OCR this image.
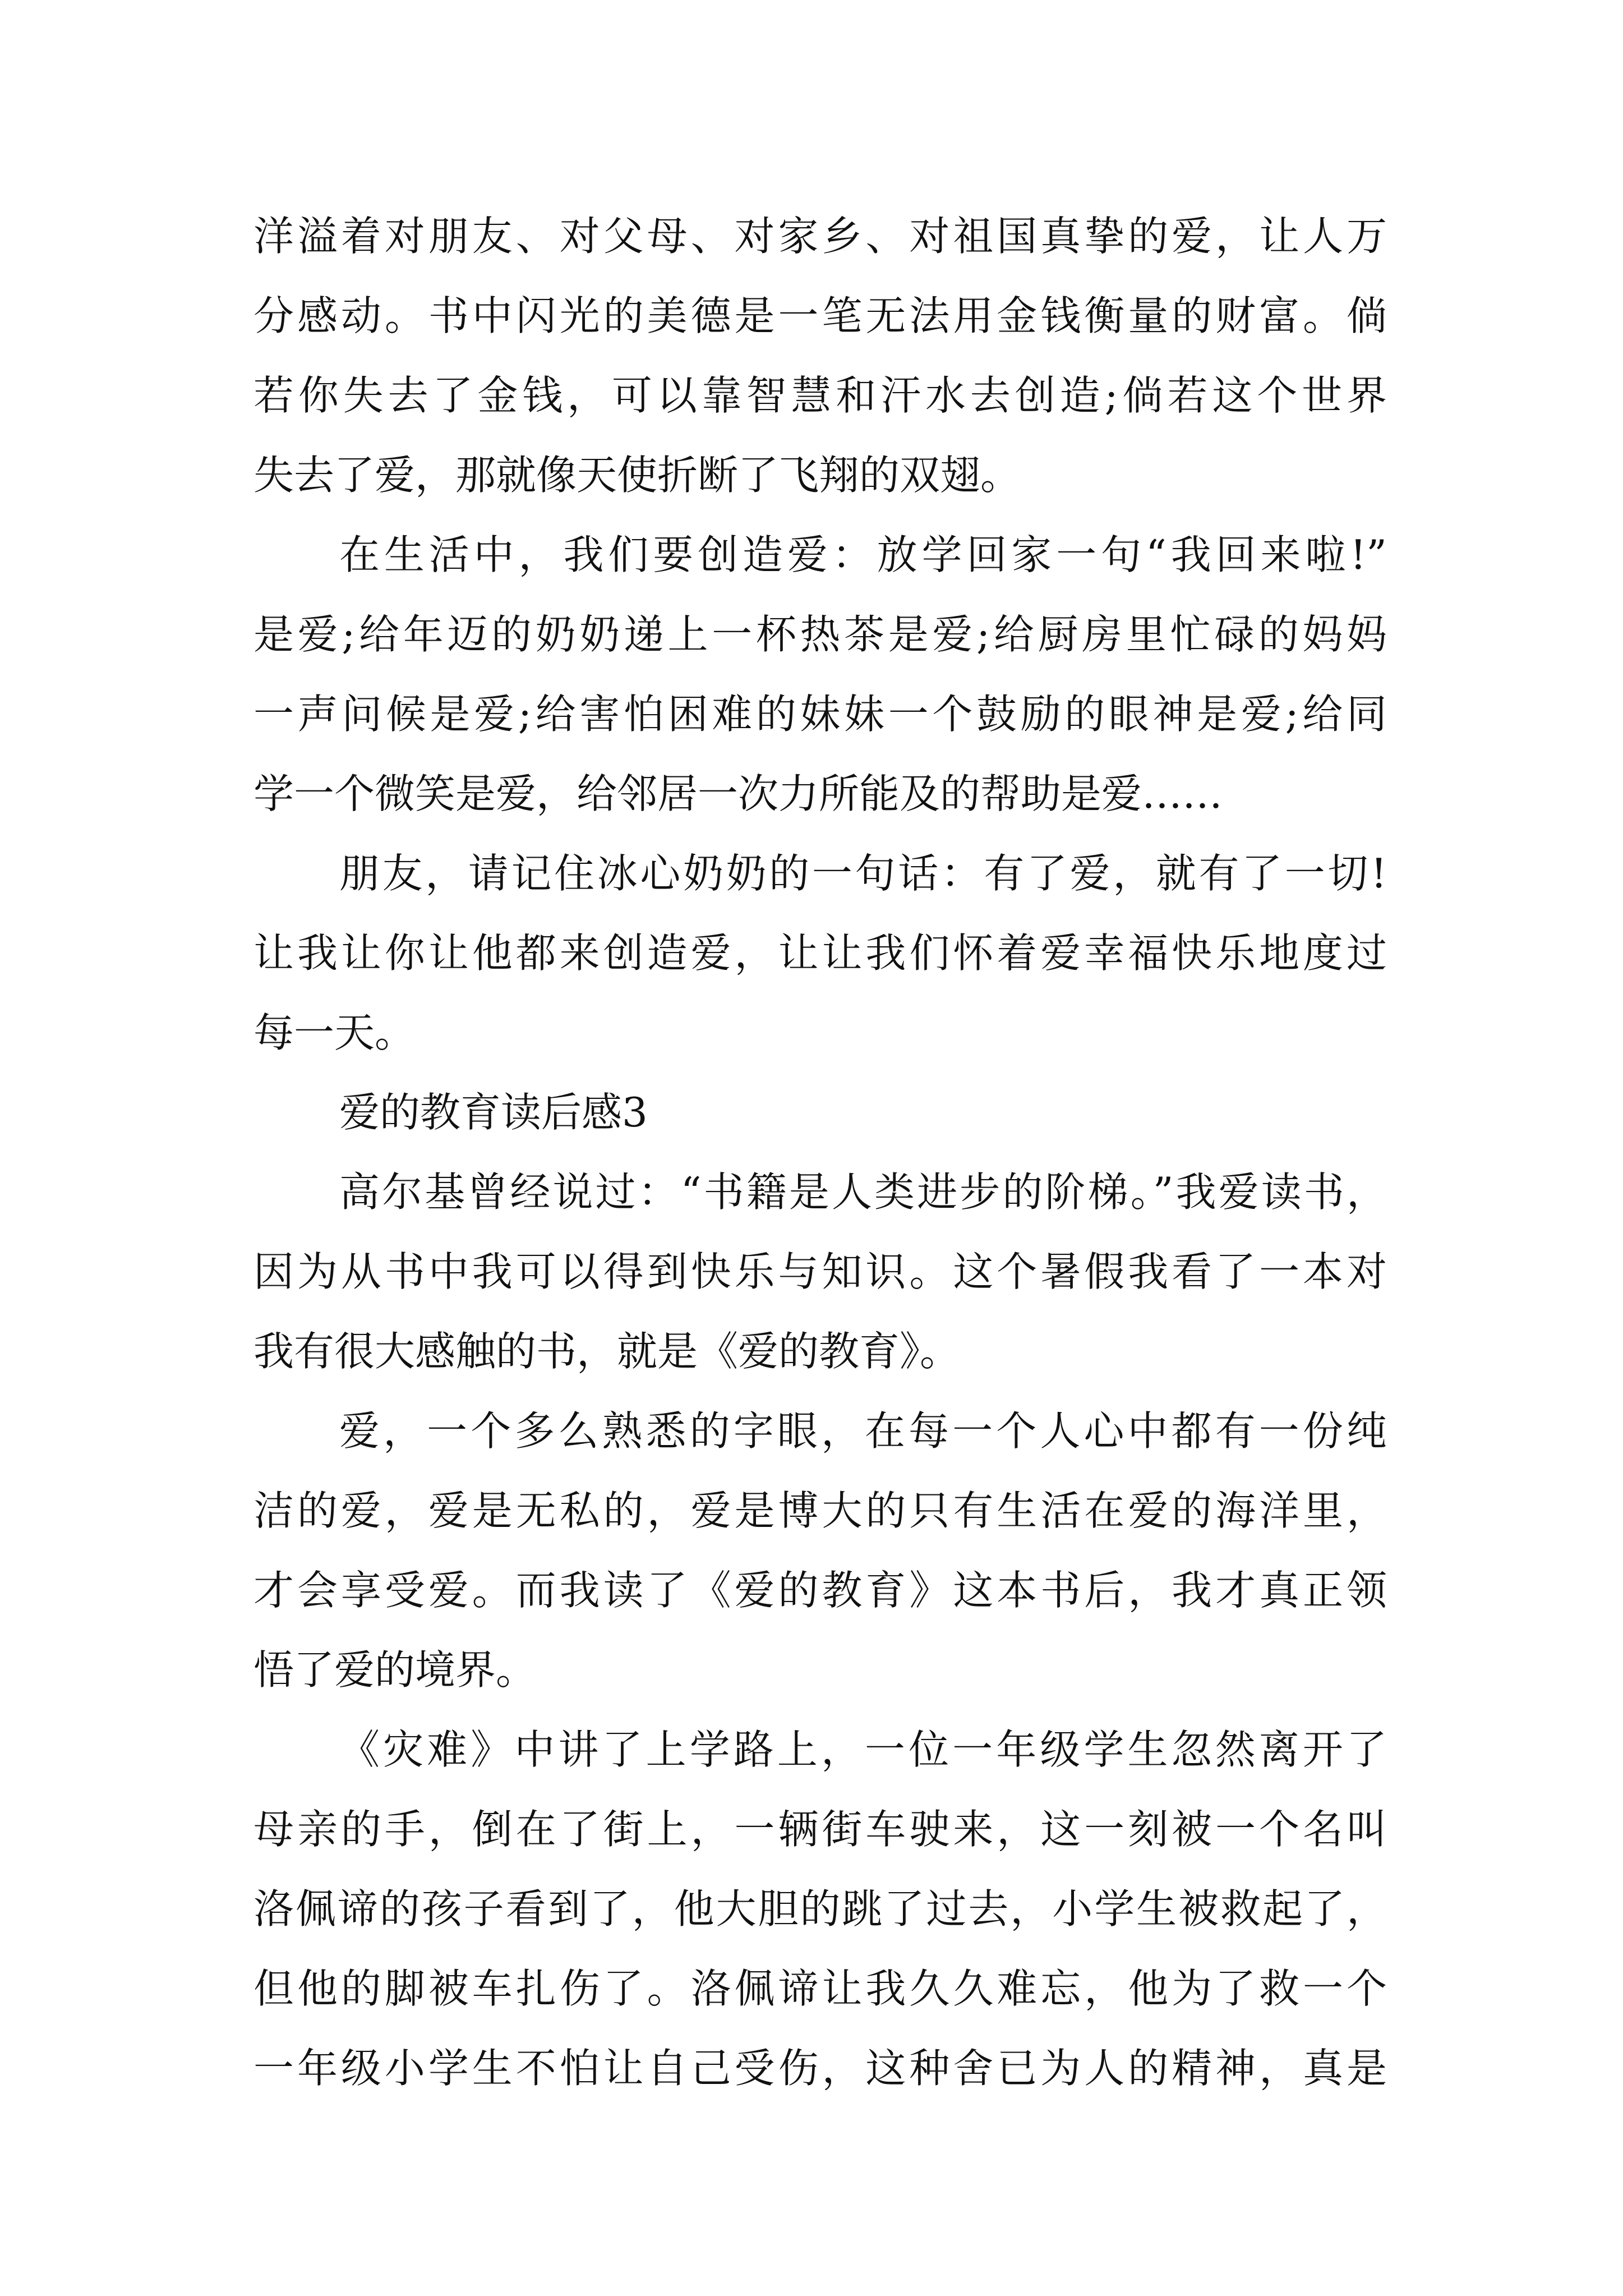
洋溢着对朋友、对父母、对家乡、对祖国真挚的爱，让人万
分感动。书中闪光的美德是一笔无法用金钱衡量的财富。倘
若你失去了金钱，可以靠智慧和汗水去创造;倘若这个世界
失去了爱，那就像天使折断了飞翔的双翅。
在生活中，我们要创造爱：放学回家一句“我回来啦!”
是爱;给年迈的奶奶递上一杯热茶是爱;给厨房里忙碌的妈妈
一声问候是爱;给害怕困难的妹妹一个鼓励的眼神是爱;给同
学一个微笑是爱，给邻居一次力所能及的帮助是爱……
朋友，请记住冰心奶奶的一句话：有了爱，就有了一切!
让我让你让他都来创造爱，让让我们怀着爱幸福快乐地度过
每一天。
爱的教育读后感3
高尔基曾经说过：“书籍是人类进步的阶梯。”我爱读书，
因为从书中我可以得到快乐与知识。这个暑假我看了一本对
我有很大感触的书，就是《爱的教育》。
爱，一个多么熟悉的字眼，在每一个人心中都有一份纯
洁的爱，爱是无私的，爱是博大的只有生活在爱的海洋里，
才会享受爱。而我读了《爱的教育》这本书后，我才真正领
悟了爱的境界。
《灾难》中讲了上学路上，一位一年级学生忽然离开了
母亲的手，倒在了街上，一辆街车驶来，这一刻被一个名叫
洛佩谛的孩子看到了，他大胆的跳了过去，小学生被救起了，
但他的脚被车扎伤了。洛佩谛让我久久难忘，他为了救一个
一年级小学生不怕让自己受伤，这种舍已为人的精神，真是
